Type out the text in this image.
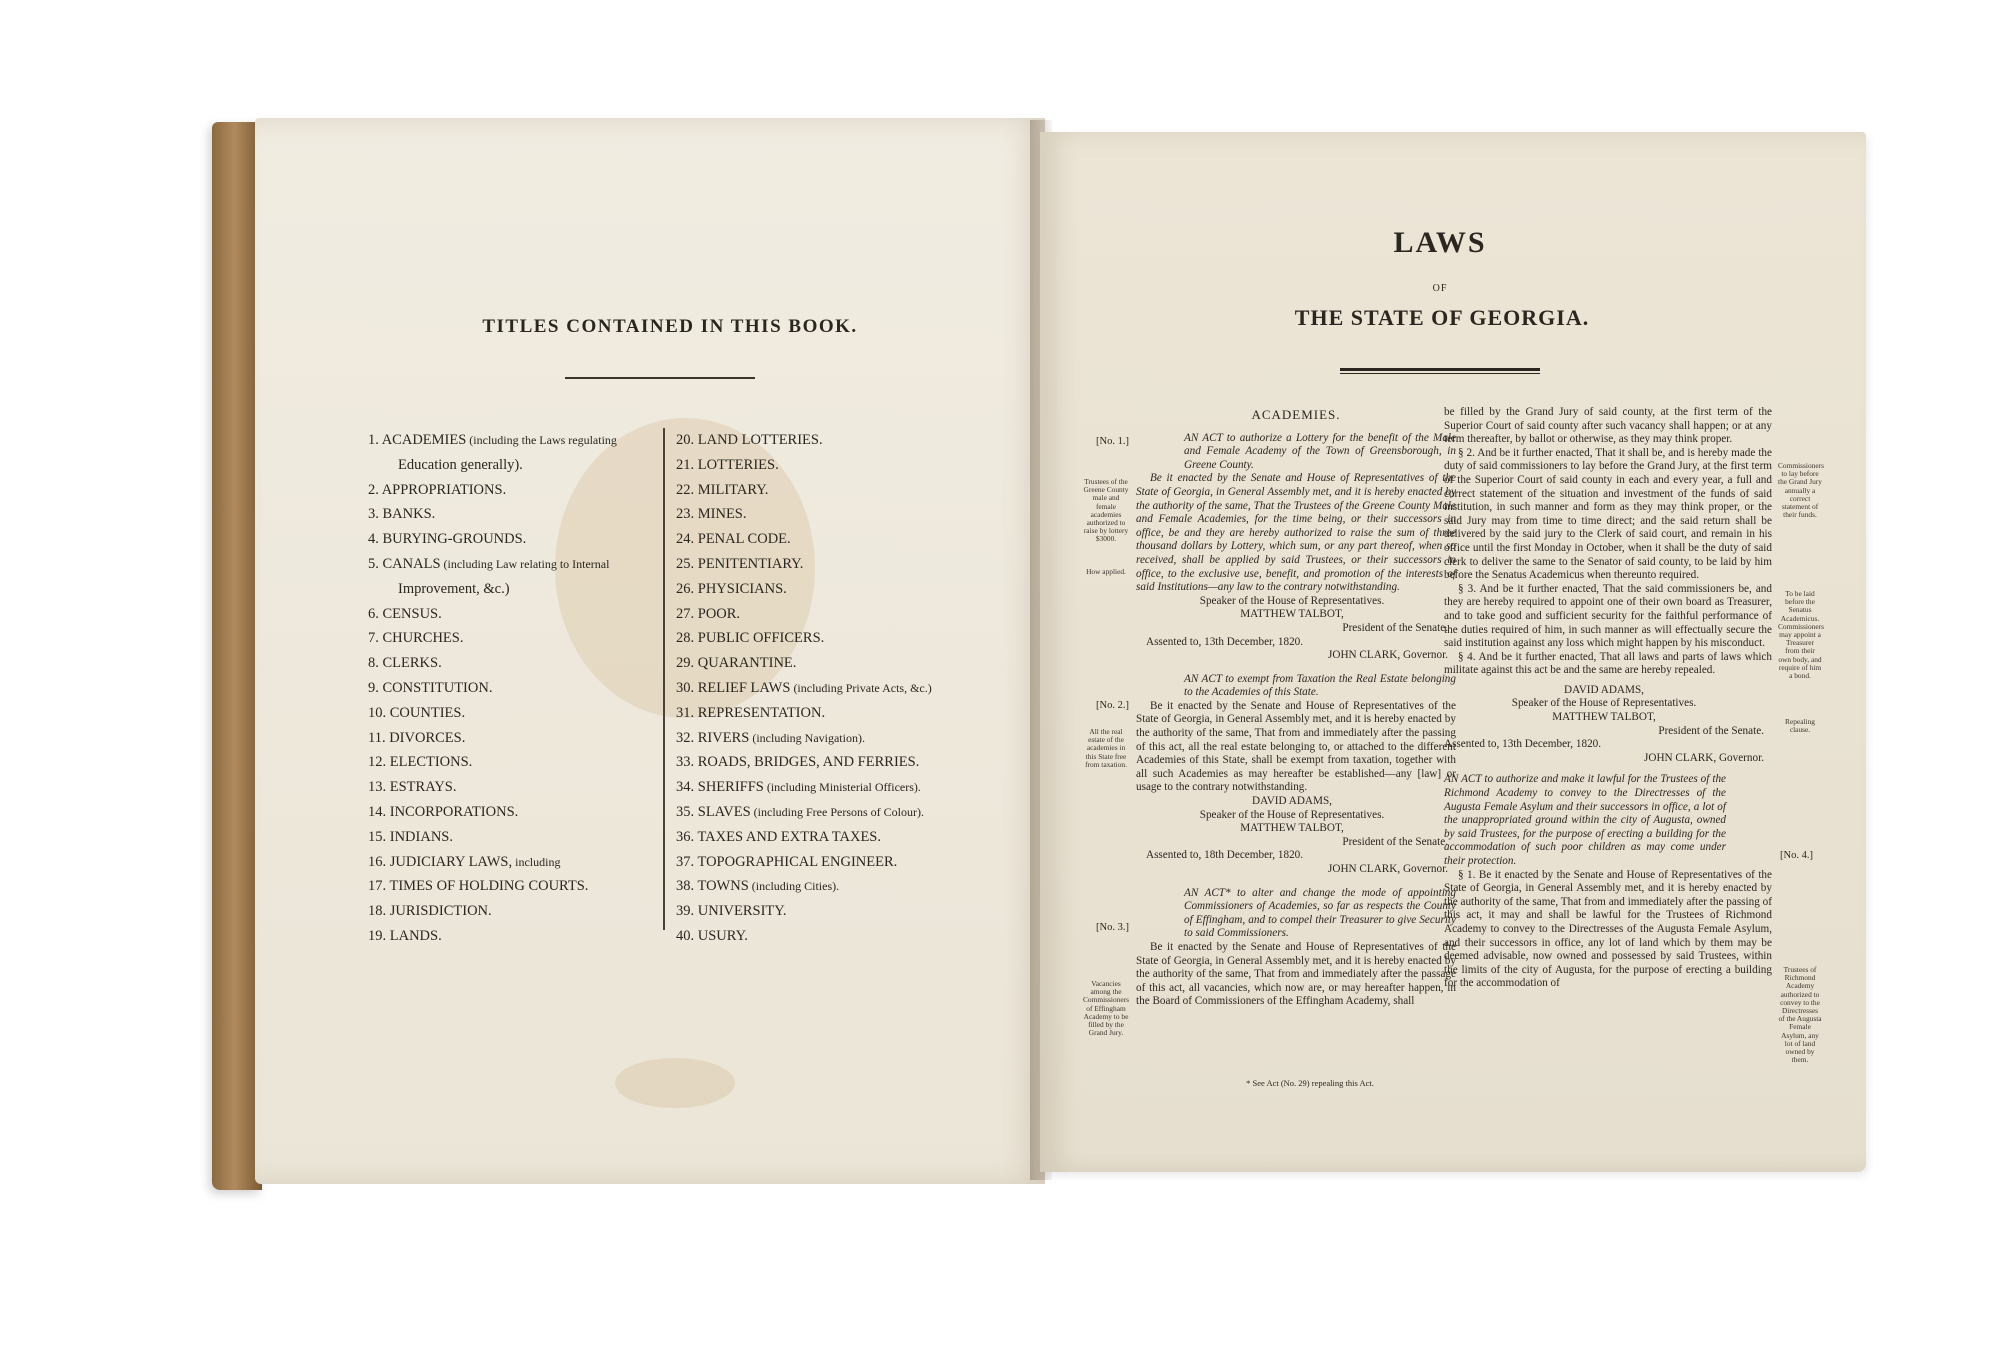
TITLES CONTAINED IN THIS BOOK.
1. ACADEMIES (including the Laws regulating
Education generally).
2. APPROPRIATIONS.
3. BANKS.
4. BURYING-GROUNDS.
5. CANALS (including Law relating to Internal
Improvement, &c.)
6. CENSUS.
7. CHURCHES.
8. CLERKS.
9. CONSTITUTION.
10. COUNTIES.
11. DIVORCES.
12. ELECTIONS.
13. ESTRAYS.
14. INCORPORATIONS.
15. INDIANS.
16. JUDICIARY LAWS, including
17. TIMES OF HOLDING COURTS.
18. JURISDICTION.
19. LANDS.
20. LAND LOTTERIES.
21. LOTTERIES.
22. MILITARY.
23. MINES.
24. PENAL CODE.
25. PENITENTIARY.
26. PHYSICIANS.
27. POOR.
28. PUBLIC OFFICERS.
29. QUARANTINE.
30. RELIEF LAWS (including Private Acts, &c.)
31. REPRESENTATION.
32. RIVERS (including Navigation).
33. ROADS, BRIDGES, AND FERRIES.
34. SHERIFFS (including Ministerial Officers).
35. SLAVES (including Free Persons of Colour).
36. TAXES AND EXTRA TAXES.
37. TOPOGRAPHICAL ENGINEER.
38. TOWNS (including Cities).
39. UNIVERSITY.
40. USURY.
LAWS
OF
THE STATE OF GEORGIA.
ACADEMIES.

AN ACT to authorize a Lottery for the benefit of the Male and Female Academy of the Town of Greensborough, in Greene County.

Be it enacted by the Senate and House of Representatives of the State of Georgia, in General Assembly met, and it is hereby enacted by the authority of the same, That the Trustees of the Greene County Male and Female Academies, for the time being, or their successors in office, be and they are hereby authorized to raise the sum of three thousand dollars by Lottery, which sum, or any part thereof, when so received, shall be applied by said Trustees, or their successors in office, to the exclusive use, benefit, and promotion of the interests of said Institutions—any law to the contrary notwithstanding.

Speaker of the House of Representatives.

MATTHEW TALBOT,

President of the Senate.

Assented to, 13th December, 1820.

JOHN CLARK, Governor.

AN ACT to exempt from Taxation the Real Estate belonging to the Academies of this State.

Be it enacted by the Senate and House of Representatives of the State of Georgia, in General Assembly met, and it is hereby enacted by the authority of the same, That from and immediately after the passing of this act, all the real estate belonging to, or attached to the different Academies of this State, shall be exempt from taxation, together with all such Academies as may hereafter be established—any [law] or usage to the contrary notwithstanding.

DAVID ADAMS,

Speaker of the House of Representatives.

MATTHEW TALBOT,

President of the Senate.

Assented to, 18th December, 1820.

JOHN CLARK, Governor.

AN ACT* to alter and change the mode of appointing Commissioners of Academies, so far as respects the County of Effingham, and to compel their Treasurer to give Security to said Commissioners.

Be it enacted by the Senate and House of Representatives of the State of Georgia, in General Assembly met, and it is hereby enacted by the authority of the same, That from and immediately after the passage of this act, all vacancies, which now are, or may hereafter happen, in the Board of Commissioners of the Effingham Academy, shall

[No. 1.]
Trustees of the Greene County male and female academies authorized to raise by lottery $3000.
How applied.
[No. 2.]
All the real estate of the academies in this State free from taxation.
[No. 3.]
Vacancies among the Commissioners of Effingham Academy to be filled by the Grand Jury.
* See Act (No. 29) repealing this Act.

be filled by the Grand Jury of said county, at the first term of the Superior Court of said county after such vacancy shall happen; or at any term thereafter, by ballot or otherwise, as they may think proper.

§ 2. And be it further enacted, That it shall be, and is hereby made the duty of said commissioners to lay before the Grand Jury, at the first term of the Superior Court of said county in each and every year, a full and correct statement of the situation and investment of the funds of said institution, in such manner and form as they may think proper, or the said Jury may from time to time direct; and the said return shall be delivered by the said jury to the Clerk of said court, and remain in his office until the first Monday in October, when it shall be the duty of said clerk to deliver the same to the Senator of said county, to be laid by him before the Senatus Academicus when thereunto required.

§ 3. And be it further enacted, That the said commissioners be, and they are hereby required to appoint one of their own board as Treasurer, and to take good and sufficient security for the faithful performance of the duties required of him, in such manner as will effectually secure the said institution against any loss which might happen by his misconduct.

§ 4. And be it further enacted, That all laws and parts of laws which militate against this act be and the same are hereby repealed.

DAVID ADAMS,

Speaker of the House of Representatives.

MATTHEW TALBOT,

President of the Senate.

Assented to, 13th December, 1820.

JOHN CLARK, Governor.

AN ACT to authorize and make it lawful for the Trustees of the Richmond Academy to convey to the Directresses of the Augusta Female Asylum and their successors in office, a lot of the unappropriated ground within the city of Augusta, owned by said Trustees, for the purpose of erecting a building for the accommodation of such poor children as may come under their protection.

§ 1. Be it enacted by the Senate and House of Representatives of the State of Georgia, in General Assembly met, and it is hereby enacted by the authority of the same, That from and immediately after the passing of this act, it may and shall be lawful for the Trustees of Richmond Academy to convey to the Directresses of the Augusta Female Asylum, and their successors in office, any lot of land which by them may be deemed advisable, now owned and possessed by said Trustees, within the limits of the city of Augusta, for the purpose of erecting a building for the accommodation of

Commissioners to lay before the Grand Jury annually a correct statement of their funds.
To be laid before the Senatus Academicus. Commissioners may appoint a Treasurer from their own body, and require of him a bond.
Repealing clause.
[No. 4.]
Trustees of Richmond Academy authorized to convey to the Directresses of the Augusta Female Asylum, any lot of land owned by them.
